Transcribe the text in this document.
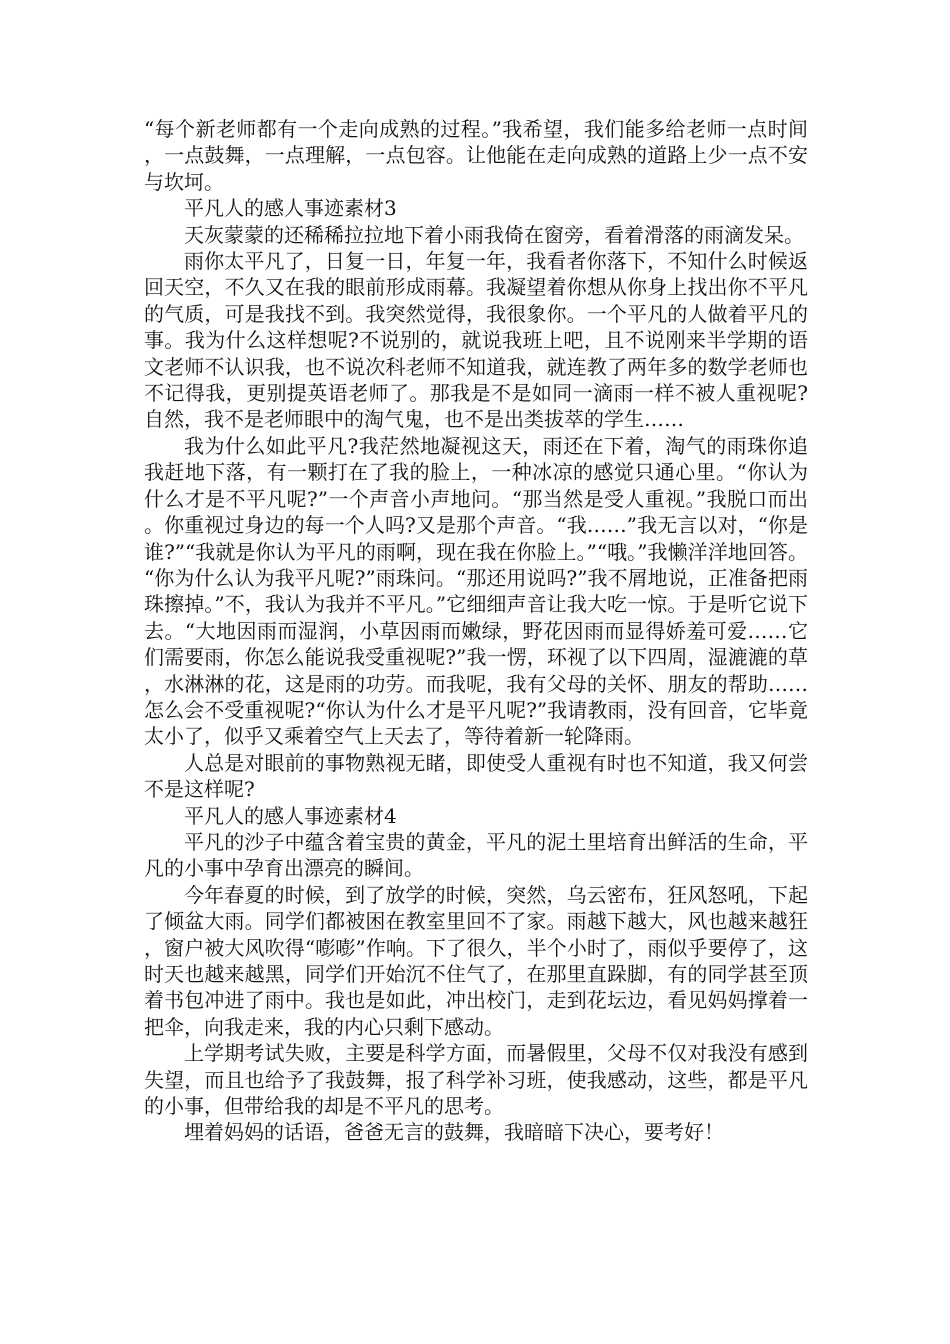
“每个新老师都有一个走向成熟的过程。”我希望，我们能多给老师一点时间，一点鼓舞，一点理解，一点包容。让他能在走向成熟的道路上少一点不安与坎坷。

平凡人的感人事迹素材3

天灰蒙蒙的还稀稀拉拉地下着小雨我倚在窗旁，看着滑落的雨滴发呆。

雨你太平凡了，日复一日，年复一年，我看者你落下，不知什么时候返回天空，不久又在我的眼前形成雨幕。我凝望着你想从你身上找出你不平凡的气质，可是我找不到。我突然觉得，我很象你。一个平凡的人做着平凡的事。我为什么这样想呢?不说别的，就说我班上吧，且不说刚来半学期的语文老师不认识我，也不说次科老师不知道我，就连教了两年多的数学老师也不记得我，更别提英语老师了。那我是不是如同一滴雨一样不被人重视呢?自然，我不是老师眼中的淘气鬼，也不是出类拔萃的学生……

我为什么如此平凡?我茫然地凝视这天，雨还在下着，淘气的雨珠你追我赶地下落，有一颗打在了我的脸上，一种冰凉的感觉只通心里。“你认为什么才是不平凡呢?”一个声音小声地问。“那当然是受人重视。”我脱口而出。你重视过身边的每一个人吗?又是那个声音。“我……”我无言以对，“你是谁?”“我就是你认为平凡的雨啊，现在我在你脸上。”“哦。”我懒洋洋地回答。“你为什么认为我平凡呢?”雨珠问。“那还用说吗?”我不屑地说，正准备把雨珠擦掉。”不，我认为我并不平凡。”它细细声音让我大吃一惊。于是听它说下去。“大地因雨而湿润，小草因雨而嫩绿，野花因雨而显得娇羞可爱……它们需要雨，你怎么能说我受重视呢?”我一愣，环视了以下四周，湿漉漉的草，水淋淋的花，这是雨的功劳。而我呢，我有父母的关怀、朋友的帮助……怎么会不受重视呢?“你认为什么才是平凡呢?”我请教雨，没有回音，它毕竟太小了，似乎又乘着空气上天去了，等待着新一轮降雨。

人总是对眼前的事物熟视无睹，即使受人重视有时也不知道，我又何尝不是这样呢?

平凡人的感人事迹素材4

平凡的沙子中蕴含着宝贵的黄金，平凡的泥土里培育出鲜活的生命，平凡的小事中孕育出漂亮的瞬间。

今年春夏的时候，到了放学的时候，突然，乌云密布，狂风怒吼，下起了倾盆大雨。同学们都被困在教室里回不了家。雨越下越大，风也越来越狂，窗户被大风吹得“嘭嘭”作响。下了很久，半个小时了，雨似乎要停了，这时天也越来越黑，同学们开始沉不住气了，在那里直跺脚，有的同学甚至顶着书包冲进了雨中。我也是如此，冲出校门，走到花坛边，看见妈妈撑着一把伞，向我走来，我的内心只剩下感动。

上学期考试失败，主要是科学方面，而暑假里，父母不仅对我没有感到失望，而且也给予了我鼓舞，报了科学补习班，使我感动，这些，都是平凡的小事，但带给我的却是不平凡的思考。

埋着妈妈的话语，爸爸无言的鼓舞，我暗暗下决心，要考好！
